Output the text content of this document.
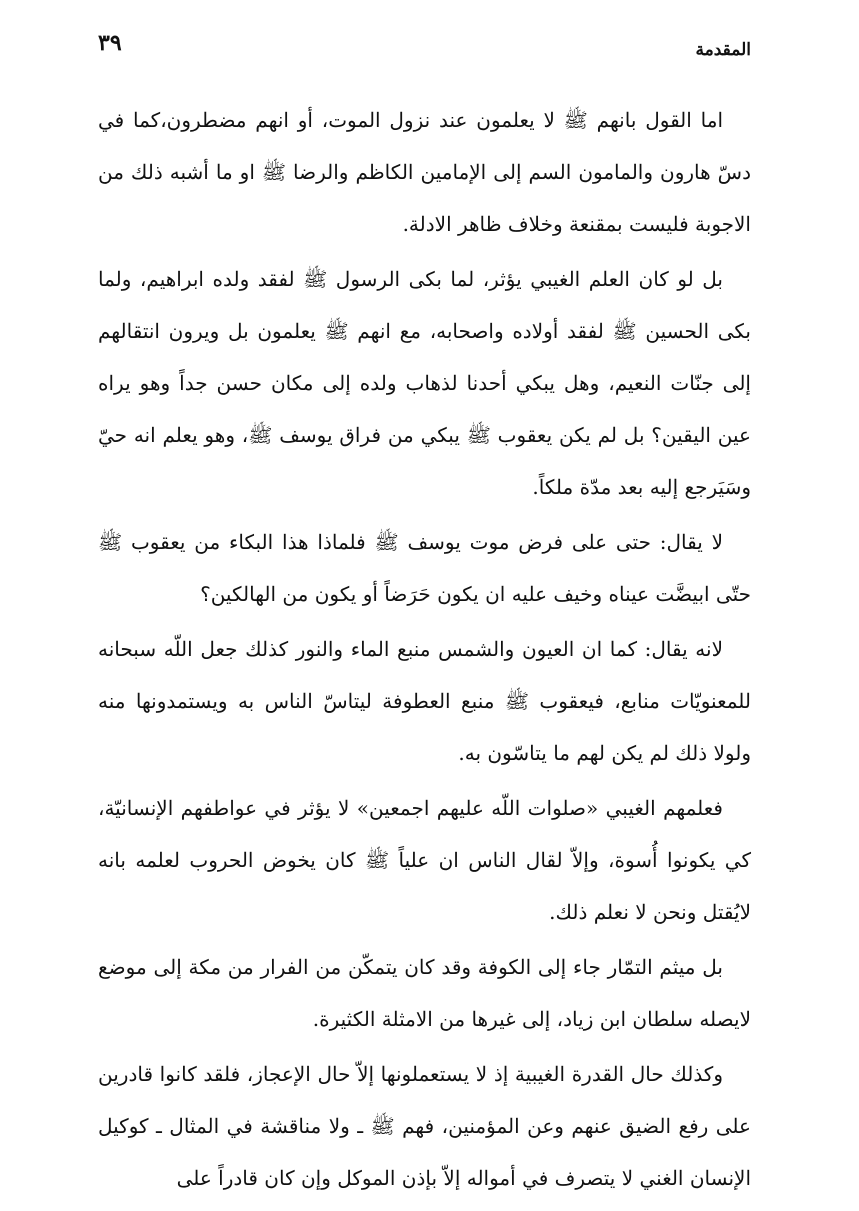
المقدمة
٣٩

اما القول بانهم ﷺ لا يعلمون عند نزول الموت، أو انهم مضطرون،كما في دسّ هارون والمامون السم إلى الإمامين الكاظم والرضا ﷺ او ما أشبه ذلك من الاجوبة فليست بمقنعة وخلاف ظاهر الادلة.

بل لو كان العلم الغيبي يؤثر، لما بكى الرسول ﷺ لفقد ولده ابراهيم، ولما بكى الحسين ﷺ لفقد أولاده واصحابه، مع انهم ﷺ يعلمون بل ويرون انتقالهم إلى جنّات النعيم، وهل يبكي أحدنا لذهاب ولده إلى مكان حسن جداً وهو يراه عين اليقين؟ بل لم يكن يعقوب ﷺ يبكي من فراق يوسف ﷺ، وهو يعلم انه حيّ وسَيَرجع إليه بعد مدّة ملكاً.

لا يقال: حتى على فرض موت يوسف ﷺ فلماذا هذا البكاء من يعقوب ﷺ حتّى ابيضَّت عيناه وخيف عليه ان يكون حَرَضاً أو يكون من الهالكين؟

لانه يقال: كما ان العيون والشمس منبع الماء والنور كذلك جعل اللّه سبحانه للمعنويّات منابع، فيعقوب ﷺ منبع العطوفة ليتاسّ الناس به ويستمدونها منه ولولا ذلك لم يكن لهم ما يتاسّون به.

فعلمهم الغيبي «صلوات اللّه عليهم اجمعين» لا يؤثر في عواطفهم الإنسانيّة، كي يكونوا أُسوة، وإلاّ لقال الناس ان علياً ﷺ كان يخوض الحروب لعلمه بانه لايُقتل ونحن لا نعلم ذلك.

بل ميثم التمّار جاء إلى الكوفة وقد كان يتمكّن من الفرار من مكة إلى موضع لايصله سلطان ابن زياد، إلى غيرها من الامثلة الكثيرة.

وكذلك حال القدرة الغيبية إذ لا يستعملونها إلاّ حال الإعجاز، فلقد كانوا قادرين على رفع الضيق عنهم وعن المؤمنين، فهم ﷺ ـ ولا مناقشة في المثال ـ كوكيل الإنسان الغني لا يتصرف في أمواله إلاّ بإذن الموكل وإن كان قادراً على
